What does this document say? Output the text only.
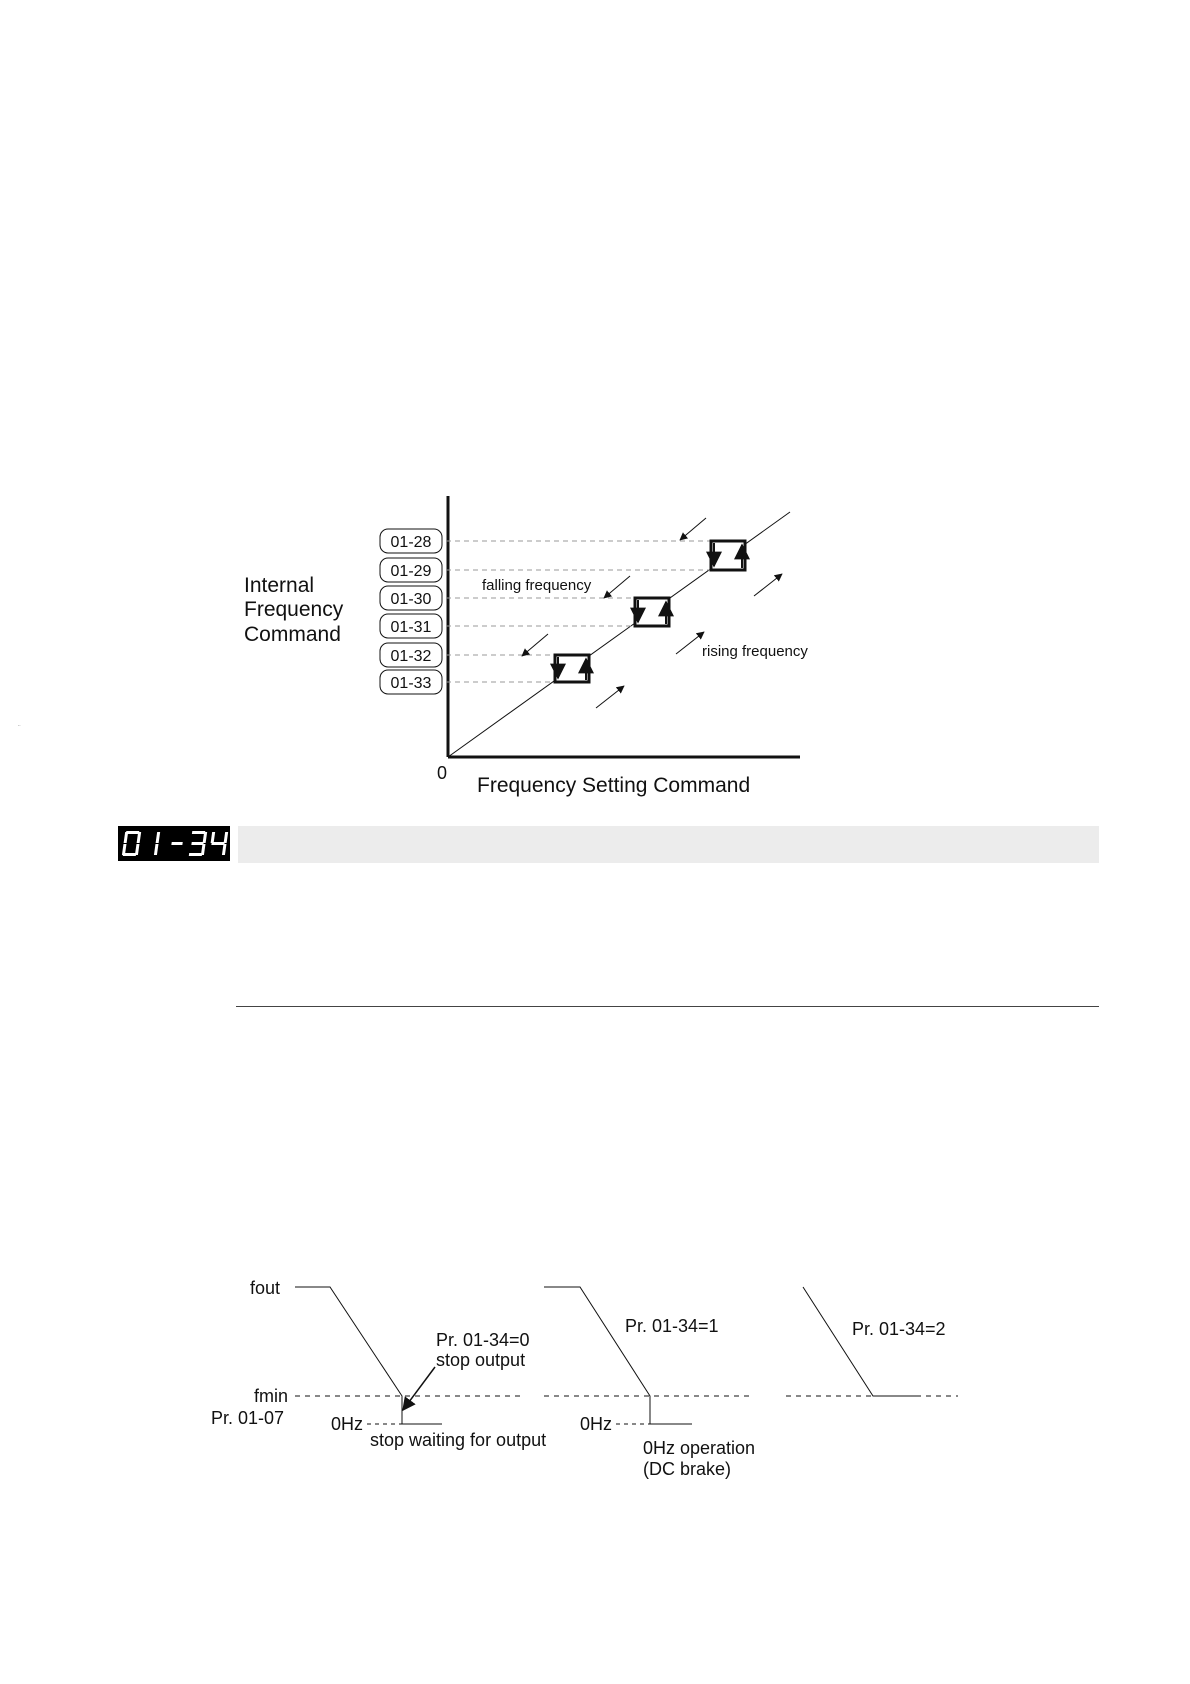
01-28
01-29
01-30
01-31
01-32
01-33
falling frequency
rising frequency
Internal
Frequency
Command
0
Frequency Setting Command
01-34
fout
fmin
Pr. 01-07	0Hz	0Hz
Pr. 01-34=0
stop output
stop waiting for output
Pr. 01-34=1
0Hz operation
(DC brake)
Pr. 01-34=2
